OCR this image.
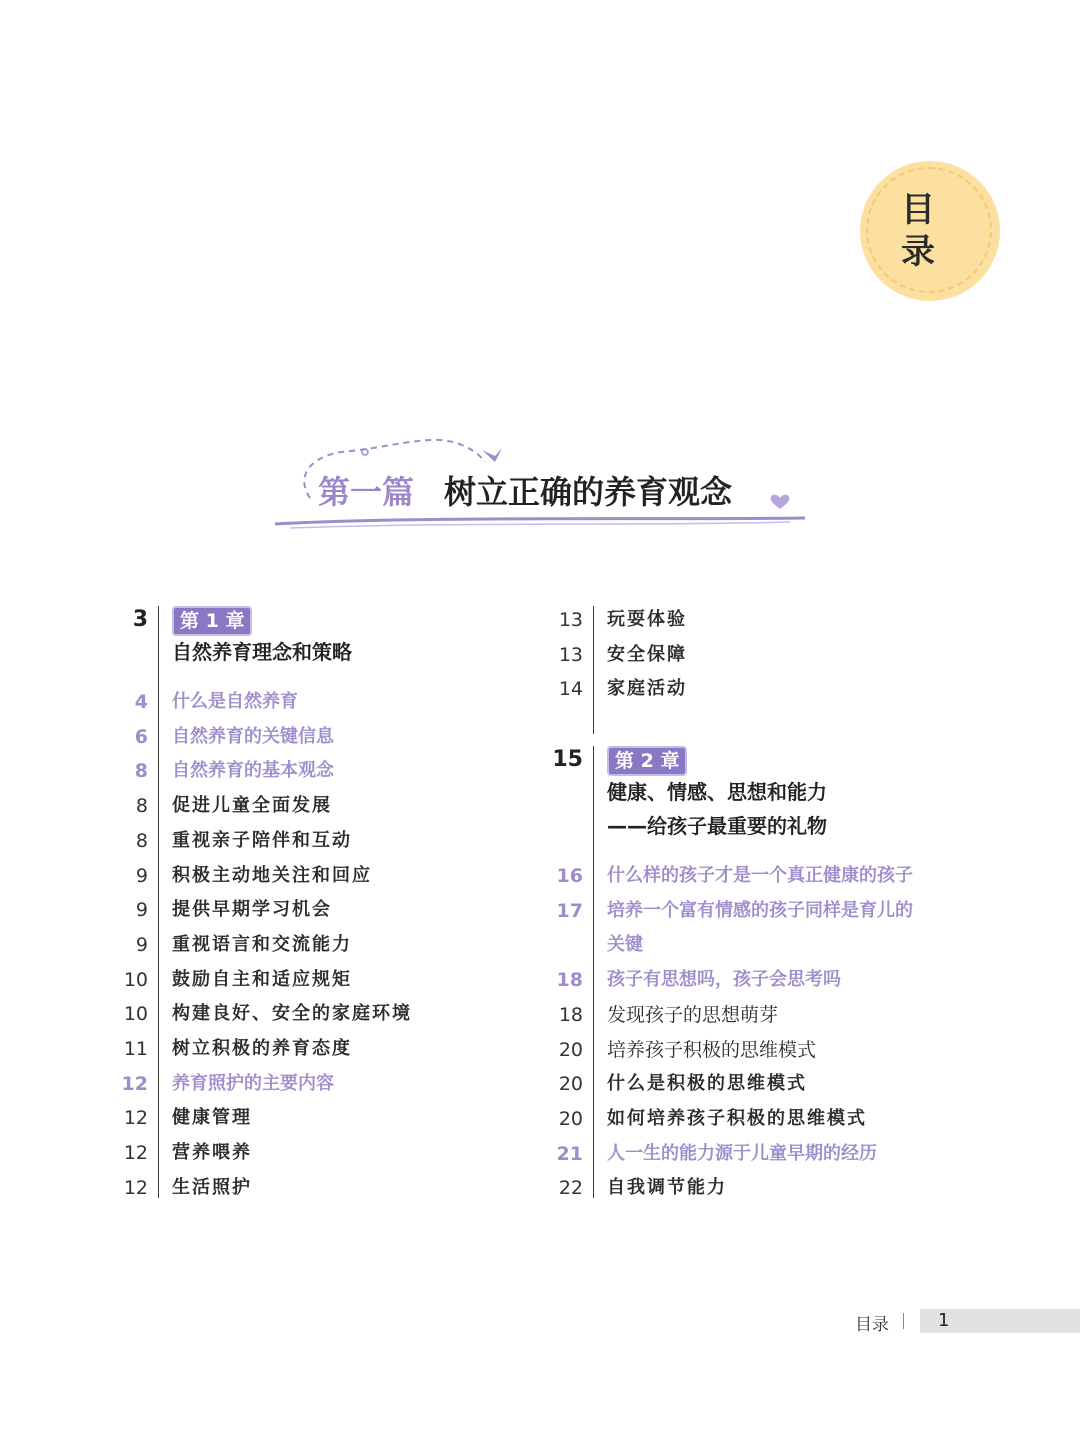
目
录
第一篇 树立正确的养育观念
3	第 1 章
自然养育理念和策略
4 什么是自然养育
6 自然养育的关键信息
8 自然养育的基本观念
8 促进儿童全面发展
8 重视亲子陪伴和互动
9 积极主动地关注和回应
9 提供早期学习机会
9 重视语言和交流能力
10 鼓励自主和适应规矩
10 构建良好、安全的家庭环境
11 树立积极的养育态度
12 养育照护的主要内容
12 健康管理
12 营养喂养
12 生活照护
13 玩耍体验
13 安全保障
14 家庭活动
15	第 2 章
健康、情感、思想和能力
——给孩子最重要的礼物
16 什么样的孩子才是一个真正健康的孩子
17 培养一个富有情感的孩子同样是育儿的
关键
18 孩子有思想吗，孩子会思考吗
18 发现孩子的思想萌芽
20 培养孩子积极的思维模式
20 什么是积极的思维模式
20 如何培养孩子积极的思维模式
21 人一生的能力源于儿童早期的经历
22 自我调节能力
目录	1
